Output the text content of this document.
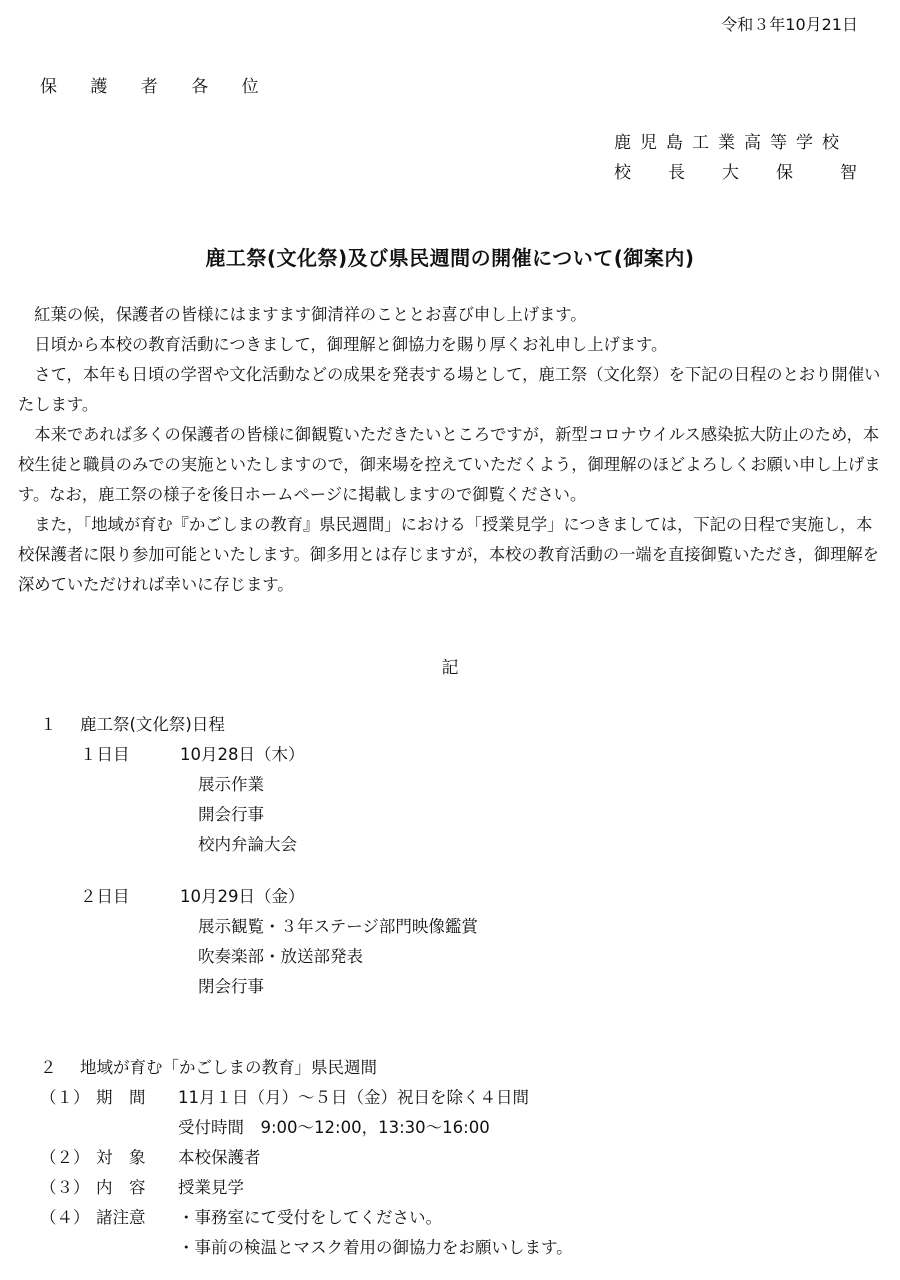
令和３年10月21日
保 護 者 各 位
鹿児島工業高等学校
校	長	大	保	智
鹿工祭(文化祭)及び県民週間の開催について(御案内)

紅葉の候，保護者の皆様にはますます御清祥のこととお喜び申し上げます。

日頃から本校の教育活動につきまして，御理解と御協力を賜り厚くお礼申し上げます。

さて，本年も日頃の学習や文化活動などの成果を発表する場として，鹿工祭（文化祭）を下記の日程のとおり開催いたします。

本来であれば多くの保護者の皆様に御観覧いただきたいところですが，新型コロナウイルス感染拡大防止のため，本校生徒と職員のみでの実施といたしますので，御来場を控えていただくよう，御理解のほどよろしくお願い申し上げます。なお，鹿工祭の様子を後日ホームページに掲載しますので御覧ください。

また，「地域が育む『かごしまの教育』県民週間」における「授業見学」につきましては，下記の日程で実施し，本校保護者に限り参加可能といたします。御多用とは存じますが，本校の教育活動の一端を直接御覧いただき，御理解を深めていただければ幸いに存じます。

記
１	鹿工祭(文化祭)日程
１日目	10月28日（木）
展示作業
開会行事
校内弁論大会
２日目	10月29日（金）
展示観覧・３年ステージ部門映像鑑賞
吹奏楽部・放送部発表
閉会行事
２	地域が育む「かごしまの教育」県民週間
（１） 期　間 11月１日（月）～５日（金）祝日を除く４日間
受付時間　9:00～12:00，13:30～16:00
（２） 対　象 本校保護者
（３） 内　容 授業見学
（４） 諸注意 ・事務室にて受付をしてください。
・事前の検温とマスク着用の御協力をお願いします。
